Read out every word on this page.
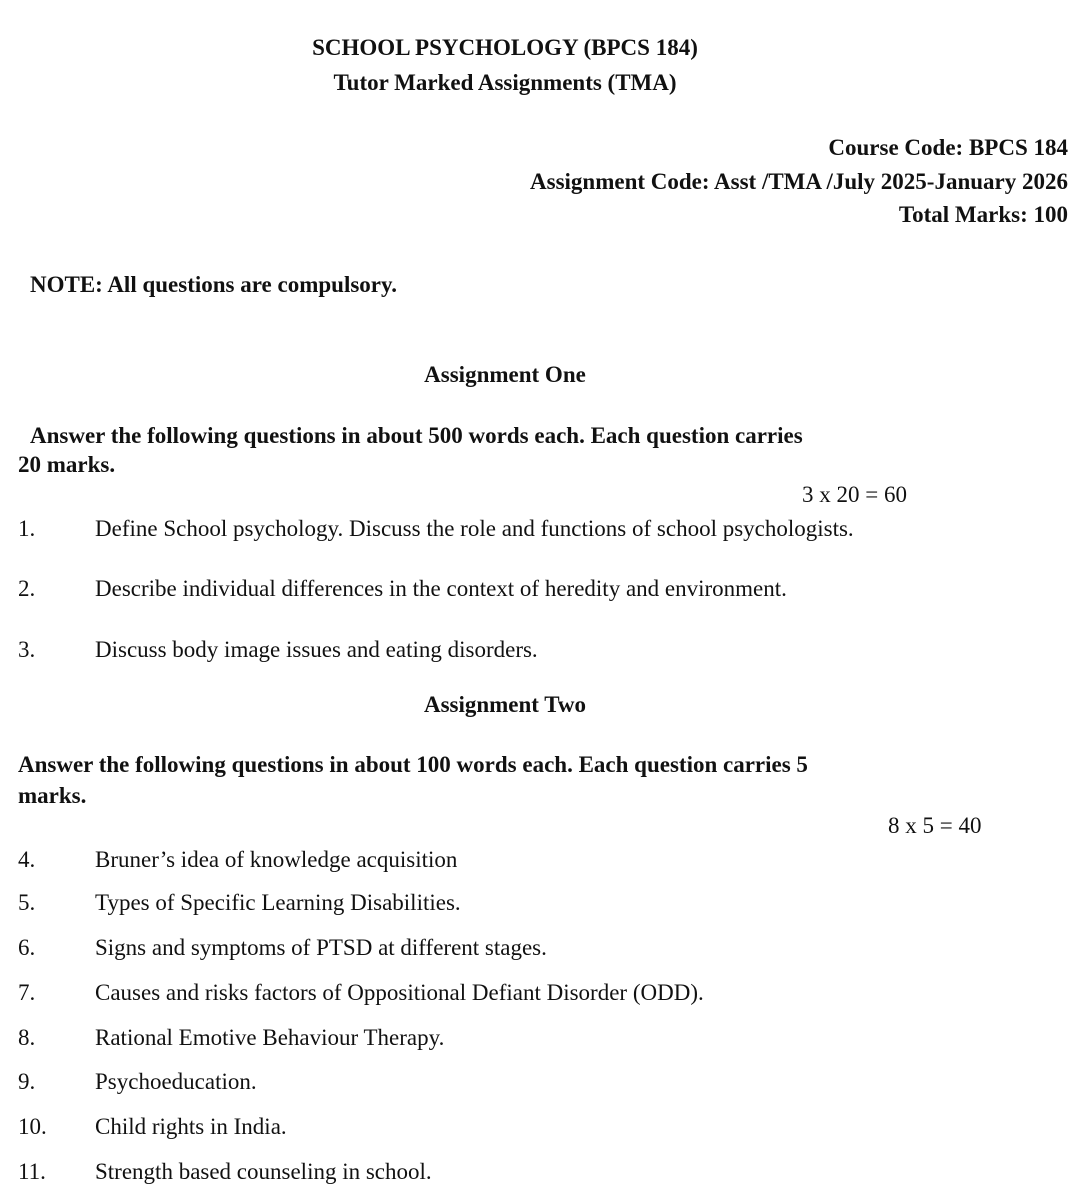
SCHOOL PSYCHOLOGY (BPCS 184)
Tutor Marked Assignments (TMA)
Course Code: BPCS 184
Assignment Code: Asst /TMA /July 2025-January 2026
Total Marks: 100
NOTE: All questions are compulsory.
Assignment One
Answer the following questions in about 500 words each. Each question carries
20 marks.
3 x 20 = 60
1.	Define School psychology. Discuss the role and functions of school psychologists.
2.	Describe individual differences in the context of heredity and environment.
3.	Discuss body image issues and eating disorders.
Assignment Two
Answer the following questions in about 100 words each. Each question carries 5
marks.
8 x 5 = 40
4.	Bruner’s idea of knowledge acquisition
5.	Types of Specific Learning Disabilities.
6.	Signs and symptoms of PTSD at different stages.
7.	Causes and risks factors of Oppositional Defiant Disorder (ODD).
8.	Rational Emotive Behaviour Therapy.
9.	Psychoeducation.
10. Child rights in India.
11. Strength based counseling in school.
